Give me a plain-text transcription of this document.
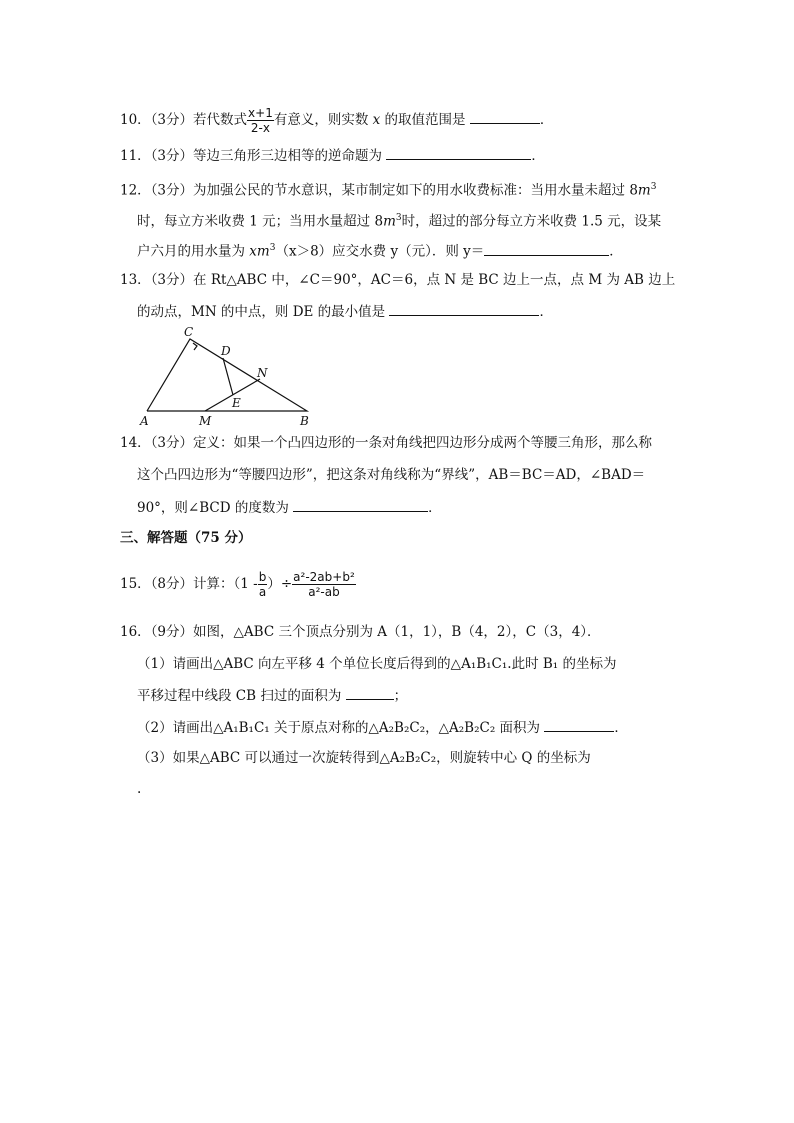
10．（3分）若代数式 $\frac{x+1}{2-x}$ 有意义，则实数 x 的取值范围是	．
11．（3分）等边三角形三边相等的逆命题为	．
12．（3分）为加强公民的节水意识，某市制定如下的用水收费标准：当用水量未超过 $8m^3$
时，每立方米收费 1 元；当用水量超过 $8m^3$时，超过的部分每立方米收费 1.5 元，设某
户六月的用水量为 $xm^3(x>8)$应交水费 y（元）．则 y＝	．
13．（3分）在 Rt△ABC 中，∠C＝90°，AC＝6，点 N 是 BC 边上一点，点 M 为 AB 边上
的动点，MN 的中点，则 DE 的最小值是	．
C
D
N
E
A	M	B
14．（3分）定义：如果一个凸四边形的一条对角线把四边形分成两个等腰三角形，那么称
这个凸四边形为“等腰四边形”，把这条对角线称为“界线”，AB＝BC＝AD，∠BAD＝
90°，则∠BCD 的度数为	．
三、解答题（75 分）
15．（8分）计算：（$1 - \frac{b}{a}$ ）÷ $\frac{\text{a²-2ab+b²}}{\text{a²-ab}}$
16．（9分）如图，△ABC 三个顶点分别为 A（1，1），B（4，2），C（3，4）．
（1）请画出△ABC 向左平移 4 个单位长度后得到的△A₁B₁C₁.此时 B₁ 的坐标为
平移过程中线段 CB 扫过的面积为	；
（2）请画出△A₁B₁C₁ 关于原点对称的△A₂B₂C₂，△A₂B₂C₂ 面积为	．
（3）如果△ABC 可以通过一次旋转得到△A₂B₂C₂，则旋转中心 Q 的坐标为
.
